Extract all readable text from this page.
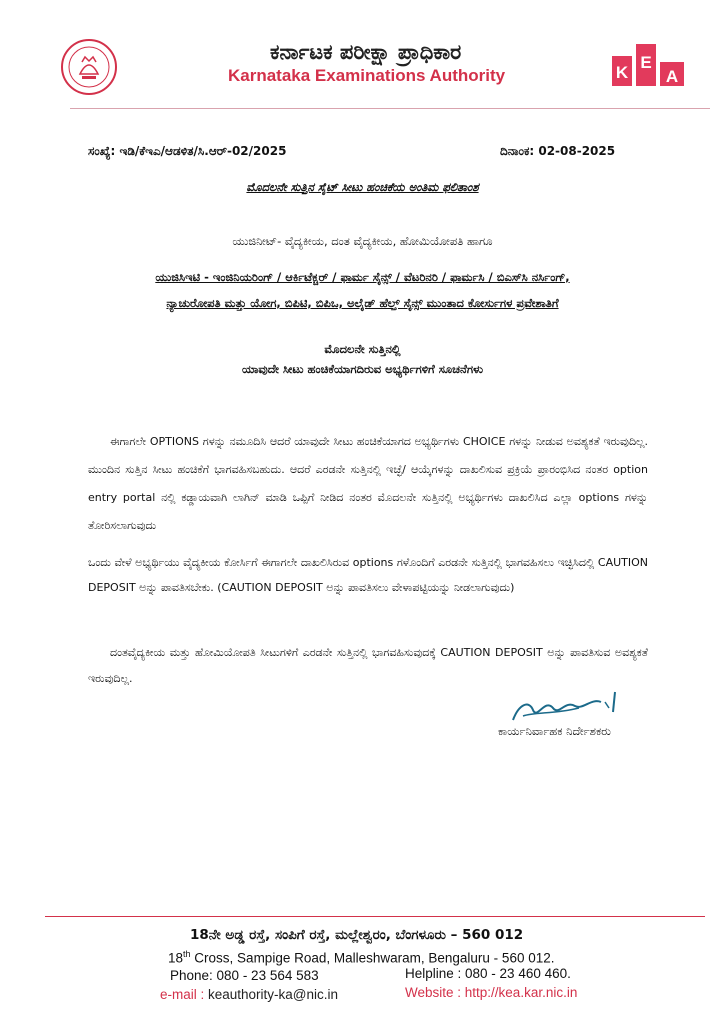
ಕರ್ನಾಟಕ ಪರೀಕ್ಷಾ ಪ್ರಾಧಿಕಾರ
Karnataka Examinations Authority	K
E
A
ಸಂಖ್ಯೆ: ಇಡಿ/ಕೆಇಎ/ಆಡಳಿತ/ಸಿ.ಆರ್-02/2025	ದಿನಾಂಕ: 02-08-2025
ಮೊದಲನೇ ಸುತ್ತಿನ ಸೈಟ್ ಸೀಟು ಹಂಚಿಕೆಯ ಅಂತಿಮ ಫಲಿತಾಂಶ
ಯುಜಿನೀಟ್- ವೈದ್ಯಕೀಯ, ದಂತ ವೈದ್ಯಕೀಯ, ಹೋಮಿಯೋಪತಿ ಹಾಗೂ
ಯುಜಿಸಿಇಟಿ - ಇಂಜಿನಿಯರಿಂಗ್ / ಆರ್ಕಿಟೆಕ್ಚರ್ / ಫಾರ್ಮ ಸೈನ್ಸ್ / ವೆಟರಿನರಿ / ಫಾರ್ಮಸಿ / ಬಿಎಸ್‌ಸಿ ನರ್ಸಿಂಗ್,
ನ್ಯಾಚುರೋಪತಿ ಮತ್ತು ಯೋಗ, ಬಿಪಿಟಿ, ಬಿಪಿಒ, ಅಲೈಡ್ ಹೆಲ್ತ್ ಸೈನ್ಸ್ ಮುಂತಾದ ಕೋರ್ಸುಗಳ ಪ್ರವೇಶಾತಿಗೆ
ಮೊದಲನೇ ಸುತ್ತಿನಲ್ಲಿ
ಯಾವುದೇ ಸೀಟು ಹಂಚಿಕೆಯಾಗದಿರುವ ಅಭ್ಯರ್ಥಿಗಳಿಗೆ ಸೂಚನೆಗಳು
ಈಗಾಗಲೇ OPTIONS ಗಳನ್ನು ನಮೂದಿಸಿ ಆದರೆ ಯಾವುದೇ ಸೀಟು ಹಂಚಿಕೆಯಾಗದ ಅಭ್ಯರ್ಥಿಗಳು CHOICE ಗಳನ್ನು ನೀಡುವ ಅವಶ್ಯಕತೆ ಇರುವುದಿಲ್ಲ. ಮುಂದಿನ ಸುತ್ತಿನ ಸೀಟು ಹಂಚಿಕೆಗೆ ಭಾಗವಹಿಸಬಹುದು. ಆದರೆ ಎರಡನೇ ಸುತ್ತಿನಲ್ಲಿ ಇಚ್ಛೆ/ ಆಯ್ಕೆಗಳನ್ನು ದಾಖಲಿಸುವ ಪ್ರಕ್ರಿಯೆ ಪ್ರಾರಂಭಿಸಿದ ನಂತರ option entry portal ನಲ್ಲಿ ಕಡ್ಡಾಯವಾಗಿ ಲಾಗಿನ್ ಮಾಡಿ ಒಪ್ಪಿಗೆ ನೀಡಿದ ನಂತರ ಮೊದಲನೇ ಸುತ್ತಿನಲ್ಲಿ ಅಭ್ಯರ್ಥಿಗಳು ದಾಖಲಿಸಿದ ಎಲ್ಲಾ options ಗಳನ್ನು ತೋರಿಸಲಾಗುವುದು
ಒಂದು ವೇಳೆ ಅಭ್ಯರ್ಥಿಯು ವೈದ್ಯಕೀಯ ಕೋರ್ಸಿಗೆ ಈಗಾಗಲೇ ದಾಖಲಿಸಿರುವ options ಗಳೊಂದಿಗೆ ಎರಡನೇ ಸುತ್ತಿನಲ್ಲಿ ಭಾಗವಹಿಸಲು ಇಚ್ಛಿಸಿದಲ್ಲಿ CAUTION DEPOSIT ಅನ್ನು ಪಾವತಿಸಬೇಕು. (CAUTION DEPOSIT ಅನ್ನು ಪಾವತಿಸಲು ವೇಳಾಪಟ್ಟಿಯನ್ನು ನೀಡಲಾಗುವುದು)
ದಂತವೈದ್ಯಕೀಯ ಮತ್ತು ಹೋಮಿಯೋಪತಿ ಸೀಟುಗಳಿಗೆ ಎರಡನೇ ಸುತ್ತಿನಲ್ಲಿ ಭಾಗವಹಿಸುವುದಕ್ಕೆ CAUTION DEPOSIT ಅನ್ನು ಪಾವತಿಸುವ ಅವಶ್ಯಕತೆ ಇರುವುದಿಲ್ಲ.
ಕಾರ್ಯನಿರ್ವಾಹಕ ನಿರ್ದೇಶಕರು
18ನೇ ಅಡ್ಡ ರಸ್ತೆ, ಸಂಪಿಗೆ ರಸ್ತೆ, ಮಲ್ಲೇಶ್ವರಂ, ಬೆಂಗಳೂರು – 560 012
18th Cross, Sampige Road, Malleshwaram, Bengaluru - 560 012.
Phone: 080 - 23 564 583	Helpline : 080 - 23 460 460.
e-mail : keauthority-ka@nic.in	Website : http://kea.kar.nic.in
